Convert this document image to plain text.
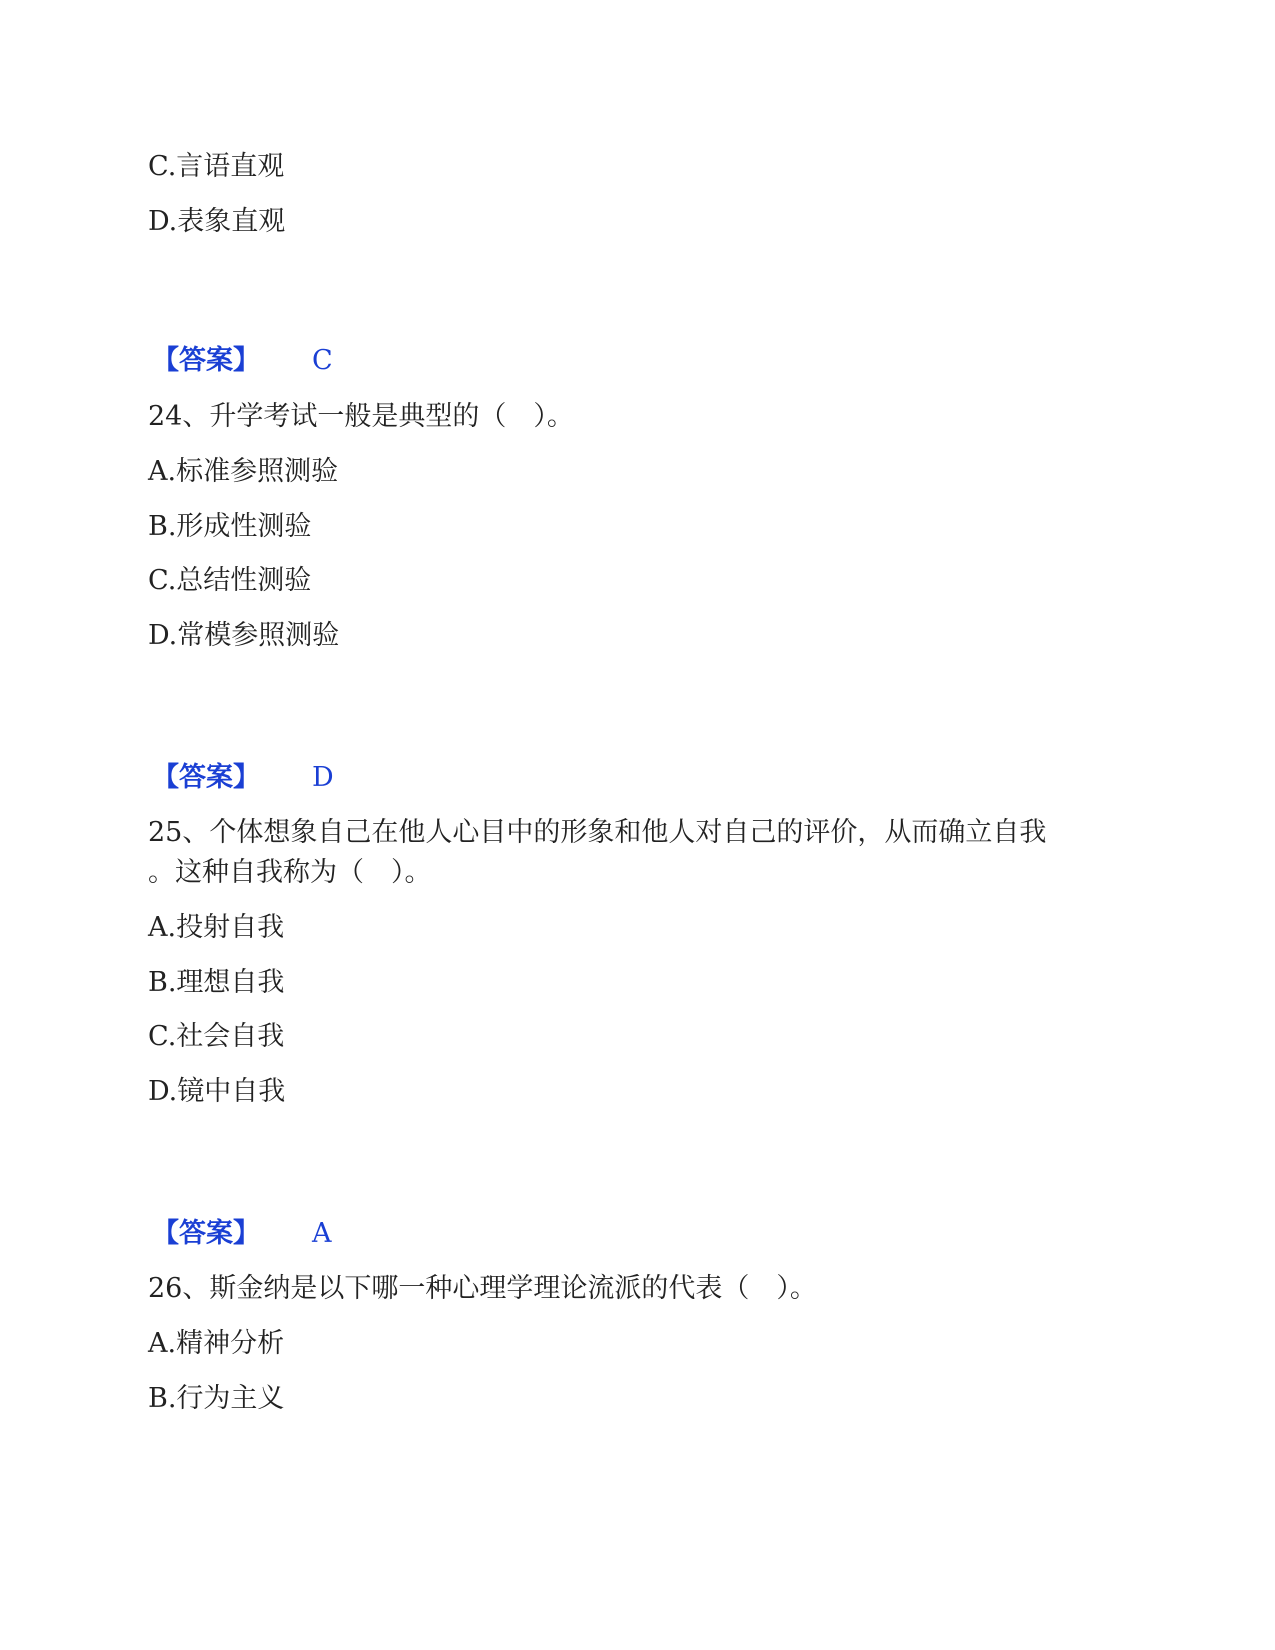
C.言语直观
D.表象直观
【答案】 C
24、升学考试一般是典型的（　）。
A.标准参照测验
B.形成性测验
C.总结性测验
D.常模参照测验
【答案】 D
25、个体想象自己在他人心目中的形象和他人对自己的评价，从而确立自我
。这种自我称为（　）。
A.投射自我
B.理想自我
C.社会自我
D.镜中自我
【答案】 A
26、斯金纳是以下哪一种心理学理论流派的代表（　）。
A.精神分析
B.行为主义
